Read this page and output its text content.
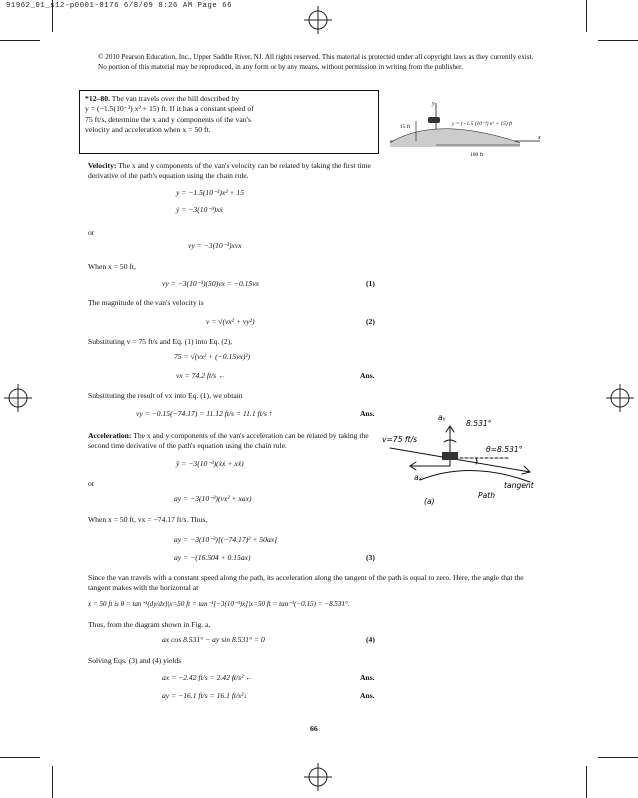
91962_01_s12-p0001-0176 6/8/09 8:26 AM Page 66
© 2010 Pearson Education, Inc., Upper Saddle River, NJ. All rights reserved. This material is protected under all copyright laws as they currently exist. No portion of this material may be reproduced, in any form or by any means, without permission in writing from the publisher.
*12–80. The van travels over the hill described by
y = (−1.5(10⁻³) x² + 15) ft. If it has a constant speed of
75 ft/s, determine the x and y components of the van's
velocity and acceleration when x = 50 ft.
y
x
15 ft	y = (−1.5 (10⁻³) x² + 15) ft
100 ft
Velocity: The x and y components of the van's velocity can be related by taking the first time derivative of the path's equation using the chain rule.
y = −1.5(10⁻³)x² + 15
ẏ = −3(10⁻³)xẋ
or
vy = −3(10⁻³)xvx
When x = 50 ft,
vy = −3(10⁻³)(50)vx = −0.15vx	(1)
The magnitude of the van's velocity is
v = √(vx² + vy²)	(2)
Substituting v = 75 ft/s and Eq. (1) into Eq. (2),
75 = √(vx² + (−0.15vx)²)
vx = 74.2 ft/s ←	Ans.
Substituting the result of vx into Eq. (1), we obtain
vy = −0.15(−74.17) = 11.12 ft/s = 11.1 ft/s ↑	Ans.
Acceleration: The x and y components of the van's acceleration can be related by taking the second time derivative of the path's equation using the chain rule.
ÿ = −3(10⁻³)(ẋẋ + xẍ)
or
ay = −3(10⁻³)(vx² + xax)
When x = 50 ft, vx = −74.17 ft/s. Thus,
ay = −3(10⁻³)[(−74.17)² + 50ax]
ay = −(16.504 + 0.15ax)	(3)
Since the van travels with a constant speed along the path, its acceleration along the tangent of the path is equal to zero. Here, the angle that the tangent makes with the horizontal at
x = 50 ft is θ = tan⁻¹(dy/dx)|x=50 ft = tan⁻¹[−3(10⁻³)x]|x=50 ft = tan⁻¹(−0.15) = −8.531°.
Thus, from the diagram shown in Fig. a,
ax cos 8.531° − ay sin 8.531° = 0	(4)
Solving Eqs. (3) and (4) yields
ax = −2.42 ft/s = 2.42 ft/s² ←	Ans.
ay = −16.1 ft/s = 16.1 ft/s²↓	Ans.
aᵧ
v=75 ft/s
8.531°
θ=8.531°
aₓ
tangent
Path
(a)
66
